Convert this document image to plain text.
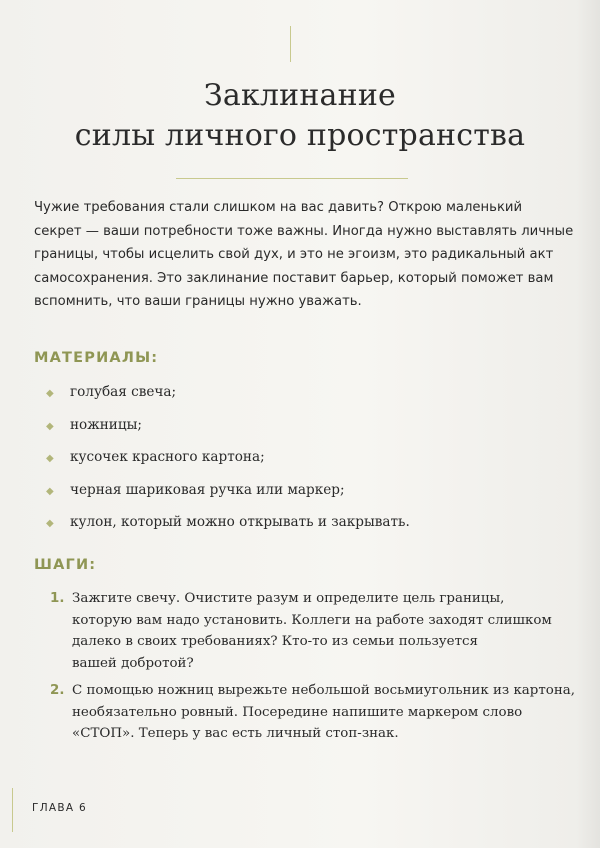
Заклинание
силы личного пространства
Чужие требования стали слишком на вас давить? Открою маленький
секрет — ваши потребности тоже важны. Иногда нужно выставлять личные
границы, чтобы исцелить свой дух, и это не эгоизм, это радикальный акт
самосохранения. Это заклинание поставит барьер, который поможет вам
вспомнить, что ваши границы нужно уважать.
МАТЕРИАЛЫ:
◆ голубая свеча;
◆ ножницы;
◆ кусочек красного картона;
◆ черная шариковая ручка или маркер;
◆ кулон, который можно открывать и закрывать.
ШАГИ:
1. Зажгите свечу. Очистите разум и определите цель границы,
которую вам надо установить. Коллеги на работе заходят слишком
далеко в своих требованиях? Кто-то из семьи пользуется
вашей добротой?
2. С помощью ножниц вырежьте небольшой восьмиугольник из картона,
необязательно ровный. Посередине напишите маркером слово
«СТОП». Теперь у вас есть личный стоп-знак.
ГЛАВА 6
